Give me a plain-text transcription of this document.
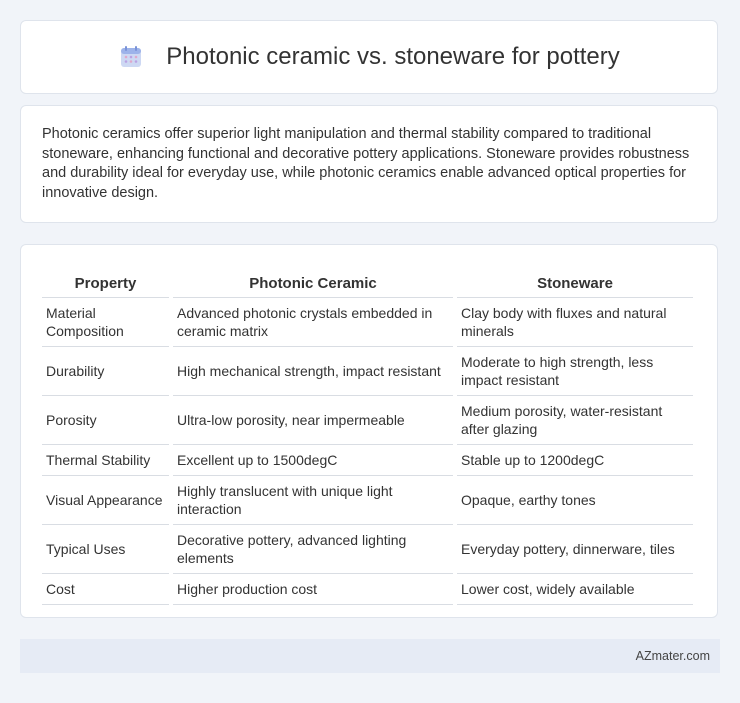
Photonic ceramic vs. stoneware for pottery

Photonic ceramics offer superior light manipulation and thermal stability compared to traditional stoneware, enhancing functional and decorative pottery applications. Stoneware provides robustness and durability ideal for everyday use, while photonic ceramics enable advanced optical properties for innovative design.

Property	Photonic Ceramic	Stoneware
Material Composition	Advanced photonic crystals embedded in ceramic matrix	Clay body with fluxes and natural minerals
Durability	High mechanical strength, impact resistant	Moderate to high strength, less impact resistant
Porosity	Ultra-low porosity, near impermeable	Medium porosity, water-resistant after glazing
Thermal Stability	Excellent up to 1500degC	Stable up to 1200degC
Visual Appearance	Highly translucent with unique light interaction	Opaque, earthy tones
Typical Uses	Decorative pottery, advanced lighting elements	Everyday pottery, dinnerware, tiles
Cost	Higher production cost	Lower cost, widely available
AZmater.com
